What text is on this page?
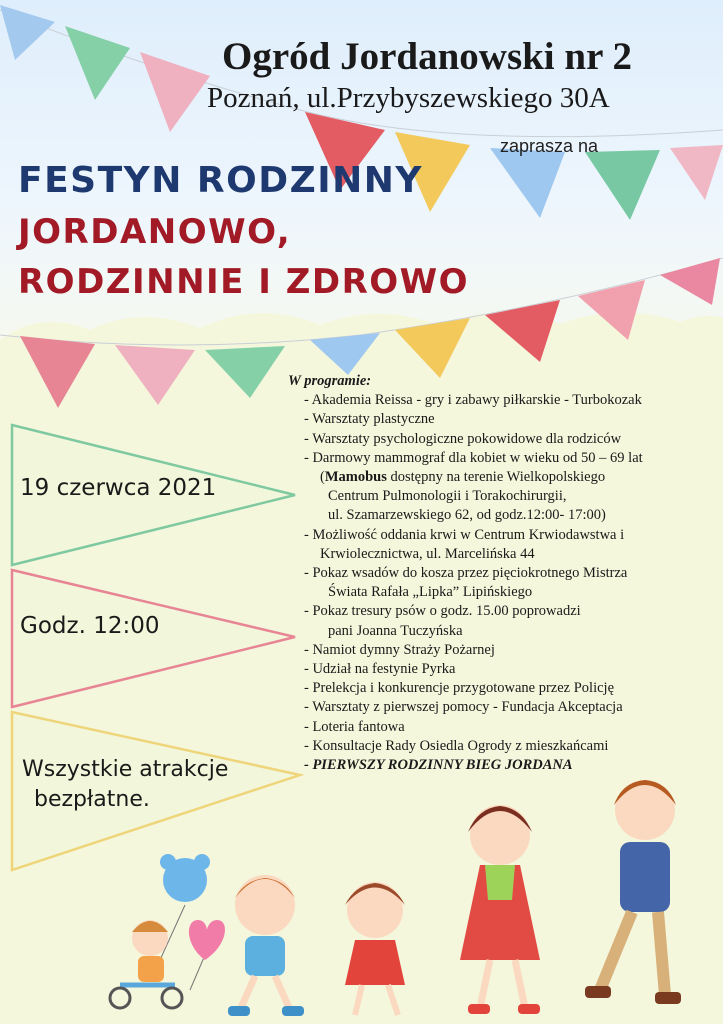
Ogród Jordanowski nr 2

Poznań, ul.Przybyszewskiego 30A

zaprasza na

FESTYN RODZINNY

JORDANOWO,

RODZINNIE I ZDROWO

19 czerwca 2021

Godz. 12:00

Wszystkie atrakcje
bezpłatne.

W programie:
- Akademia Reissa - gry i zabawy piłkarskie - Turbokozak
- Warsztaty plastyczne
- Warsztaty psychologiczne pokowidowe dla rodziców
- Darmowy mammograf dla kobiet w wieku od 50 – 69 lat
(Mamobus dostępny na terenie Wielkopolskiego
Centrum Pulmonologii i Torakochirurgii,
ul. Szamarzewskiego 62, od godz.12:00- 17:00)
- Możliwość oddania krwi w Centrum Krwiodawstwa i
Krwiolecznictwa, ul. Marcelińska 44
- Pokaz wsadów do kosza przez pięciokrotnego Mistrza
Świata Rafała „Lipka” Lipińskiego
- Pokaz tresury psów o godz. 15.00 poprowadzi
pani Joanna Tuczyńska
- Namiot dymny Straży Pożarnej
- Udział na festynie Pyrka
- Prelekcja i konkurencje przygotowane przez Policję
- Warsztaty z pierwszej pomocy - Fundacja Akceptacja
- Loteria fantowa
- Konsultacje Rady Osiedla Ogrody z mieszkańcami
- PIERWSZY RODZINNY BIEG JORDANA
